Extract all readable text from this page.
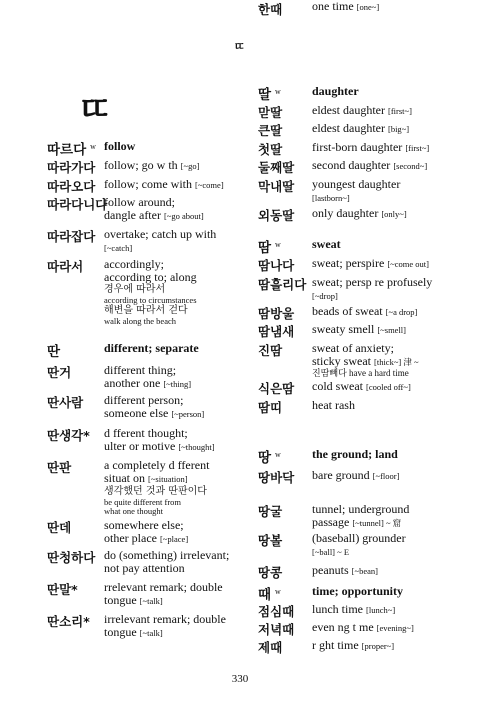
ㄸ
ㄸ
따르다 $^w$ follow
따라가다 follow; go w th [~go]
따라오다 follow; come with [~come]
따라다니다
follow around;
dangle after [~go about]
따라잡다 overtake; catch up with
[~catch]
따라서 accordingly;
according to; along
경우에 따라서
according to circumstances
해변을 따라서 걷다
walk along the beach
딴	different; separate
딴거	different thing;
another one [~thing]
딴사람 different person;
someone else [~person]
딴생각* d fferent thought;
ulter or motive [~thought]
딴판	a completely d fferent
situat on [~situation]
생각했던 것과 딴판이다
be quite different from
what one thought
딴데	somewhere else;
other place [~place]
딴청하다 do (something) irrelevant;
not pay attention
딴말* rrelevant remark; double
tongue [~talk]
딴소리* irrelevant remark; double
tongue [~talk]
딸 $^w$	daughter
맏딸 eldest daughter [first~]
큰딸 eldest daughter [big~]
첫딸 first-born daughter [first~]
둘째딸 second daughter [second~]
막내딸 youngest daughter
[lastborn~]
외동딸 only daughter [only~]
땀 $^w$	sweat
땀나다 sweat; perspire [~come out]
땀흘리다 sweat; persp re profusely
[~drop]
땀방울 beads of sweat [~a drop]
땀냄새 sweaty smell [~smell]
진땀 sweat of anxiety;
sticky sweat [thick~] 津 ~
진땀빼다 have a hard time
식은땀 cold sweat [cooled off~]
땀띠 heat rash
땅 $^w$	the ground; land
땅바닥 bare ground [~floor]
땅굴 tunnel; underground
passage [~tunnel] ~ 窟
땅볼 (baseball) grounder
[~ball] ~ E
땅콩 peanuts [~bean]
때 $^w$	time; opportunity
점심때 lunch time [lunch~]
저녁때 even ng t me [evening~]
제때 r ght time [proper~]
한때 one time [one~]
330
